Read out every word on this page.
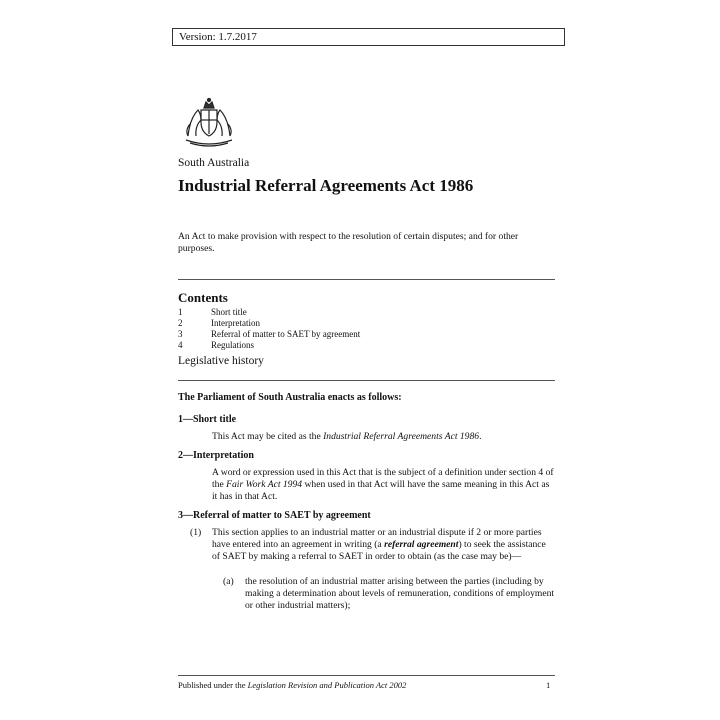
Version: 1.7.2017
South Australia
Industrial Referral Agreements Act 1986
An Act to make provision with respect to the resolution of certain disputes; and for other purposes.
Contents
1	Short title
2	Interpretation
3	Referral of matter to SAET by agreement
4	Regulations
Legislative history
The Parliament of South Australia enacts as follows:
1—Short title
This Act may be cited as the Industrial Referral Agreements Act 1986.
2—Interpretation
A word or expression used in this Act that is the subject of a definition under section 4 of the Fair Work Act 1994 when used in that Act will have the same meaning in this Act as it has in that Act.
3—Referral of matter to SAET by agreement
(1) This section applies to an industrial matter or an industrial dispute if 2 or more parties have entered into an agreement in writing (a referral agreement) to seek the assistance of SAET by making a referral to SAET in order to obtain (as the case may be)—
(a) the resolution of an industrial matter arising between the parties (including by making a determination about levels of remuneration, conditions of employment or other industrial matters);
Published under the Legislation Revision and Publication Act 2002	1
